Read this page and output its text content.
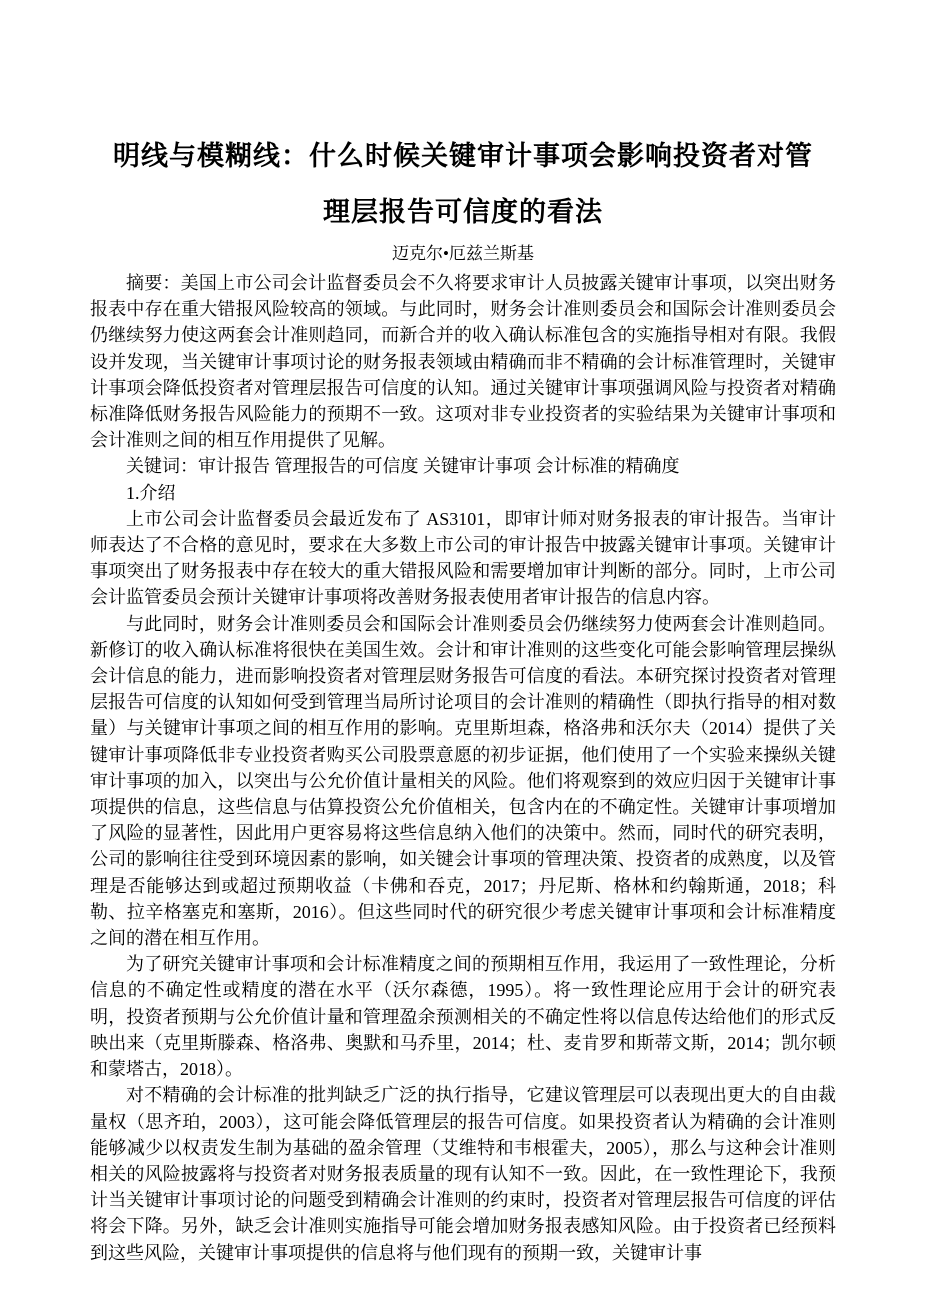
明线与模糊线：什么时候关键审计事项会影响投资者对管
理层报告可信度的看法
迈克尔•厄兹兰斯基

摘要：美国上市公司会计监督委员会不久将要求审计人员披露关键审计事项，以突出财务报表中存在重大错报风险较高的领域。与此同时，财务会计准则委员会和国际会计准则委员会仍继续努力使这两套会计准则趋同，而新合并的收入确认标准包含的实施指导相对有限。我假设并发现，当关键审计事项讨论的财务报表领域由精确而非不精确的会计标准管理时，关键审计事项会降低投资者对管理层报告可信度的认知。通过关键审计事项强调风险与投资者对精确标准降低财务报告风险能力的预期不一致。这项对非专业投资者的实验结果为关键审计事项和会计准则之间的相互作用提供了见解。

关键词：审计报告 管理报告的可信度 关键审计事项 会计标准的精确度

1.介绍

上市公司会计监督委员会最近发布了 AS3101，即审计师对财务报表的审计报告。当审计师表达了不合格的意见时，要求在大多数上市公司的审计报告中披露关键审计事项。关键审计事项突出了财务报表中存在较大的重大错报风险和需要增加审计判断的部分。同时，上市公司会计监管委员会预计关键审计事项将改善财务报表使用者审计报告的信息内容。

与此同时，财务会计准则委员会和国际会计准则委员会仍继续努力使两套会计准则趋同。新修订的收入确认标准将很快在美国生效。会计和审计准则的这些变化可能会影响管理层操纵会计信息的能力，进而影响投资者对管理层财务报告可信度的看法。本研究探讨投资者对管理层报告可信度的认知如何受到管理当局所讨论项目的会计准则的精确性（即执行指导的相对数量）与关键审计事项之间的相互作用的影响。克里斯坦森，格洛弗和沃尔夫（2014）提供了关键审计事项降低非专业投资者购买公司股票意愿的初步证据，他们使用了一个实验来操纵关键审计事项的加入，以突出与公允价值计量相关的风险。他们将观察到的效应归因于关键审计事项提供的信息，这些信息与估算投资公允价值相关，包含内在的不确定性。关键审计事项增加了风险的显著性，因此用户更容易将这些信息纳入他们的决策中。然而，同时代的研究表明，公司的影响往往受到环境因素的影响，如关键会计事项的管理决策、投资者的成熟度，以及管理是否能够达到或超过预期收益（卡佛和吞克，2017；丹尼斯、格林和约翰斯通，2018；科勒、拉辛格塞克和塞斯，2016）。但这些同时代的研究很少考虑关键审计事项和会计标准精度之间的潜在相互作用。

为了研究关键审计事项和会计标准精度之间的预期相互作用，我运用了一致性理论，分析信息的不确定性或精度的潜在水平（沃尔森德，1995）。将一致性理论应用于会计的研究表明，投资者预期与公允价值计量和管理盈余预测相关的不确定性将以信息传达给他们的形式反映出来（克里斯滕森、格洛弗、奥默和马乔里，2014；杜、麦肯罗和斯蒂文斯，2014；凯尔顿和蒙塔古，2018）。

对不精确的会计标准的批判缺乏广泛的执行指导，它建议管理层可以表现出更大的自由裁量权（思齐珀，2003），这可能会降低管理层的报告可信度。如果投资者认为精确的会计准则能够减少以权责发生制为基础的盈余管理（艾维特和韦根霍夫，2005），那么与这种会计准则相关的风险披露将与投资者对财务报表质量的现有认知不一致。因此，在一致性理论下，我预计当关键审计事项讨论的问题受到精确会计准则的约束时，投资者对管理层报告可信度的评估将会下降。另外，缺乏会计准则实施指导可能会增加财务报表感知风险。由于投资者已经预料到这些风险，关键审计事项提供的信息将与他们现有的预期一致，关键审计事
